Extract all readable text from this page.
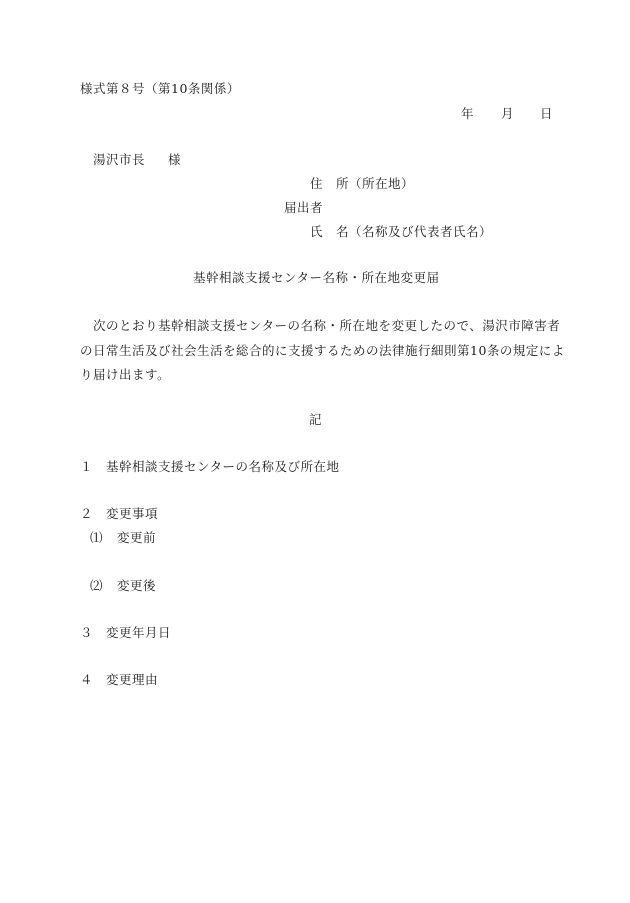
様式第８号（第10条関係）
年 月 日
湯沢市長 様
住 所（所在地）
届出者
氏 名（名称及び代表者氏名）
基幹相談支援センター名称・所在地変更届
次のとおり基幹相談支援センターの名称・所在地を変更したので、湯沢市障害者
の日常生活及び社会生活を総合的に支援するための法律施行細則第10条の規定によ
り届け出ます。
記
１ 基幹相談支援センターの名称及び所在地
２ 変更事項
⑴ 変更前
⑵ 変更後
３ 変更年月日
４ 変更理由
